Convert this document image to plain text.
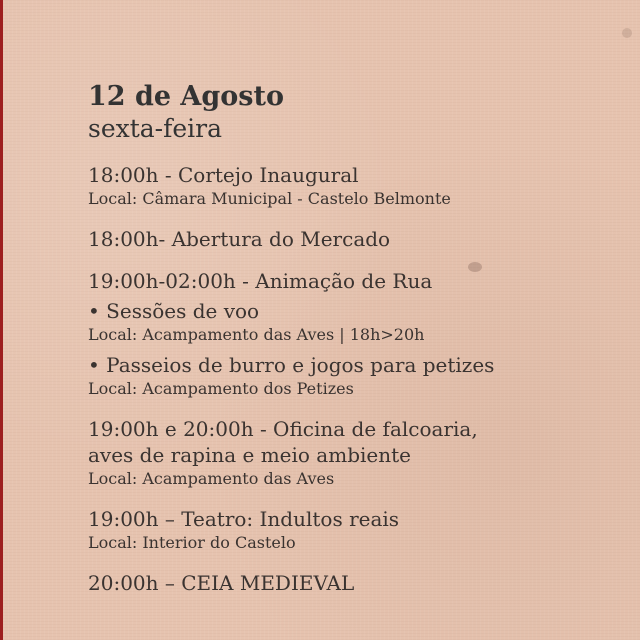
12 de Agosto
sexta-feira
18:00h - Cortejo Inaugural
Local: Câmara Municipal - Castelo Belmonte
18:00h- Abertura do Mercado
19:00h-02:00h - Animação de Rua
• Sessões de voo
Local: Acampamento das Aves | 18h>20h
• Passeios de burro e jogos para petizes
Local: Acampamento dos Petizes
19:00h e 20:00h - Oficina de falcoaria,
aves de rapina e meio ambiente
Local: Acampamento das Aves
19:00h – Teatro: Indultos reais
Local: Interior do Castelo
20:00h – CEIA MEDIEVAL
